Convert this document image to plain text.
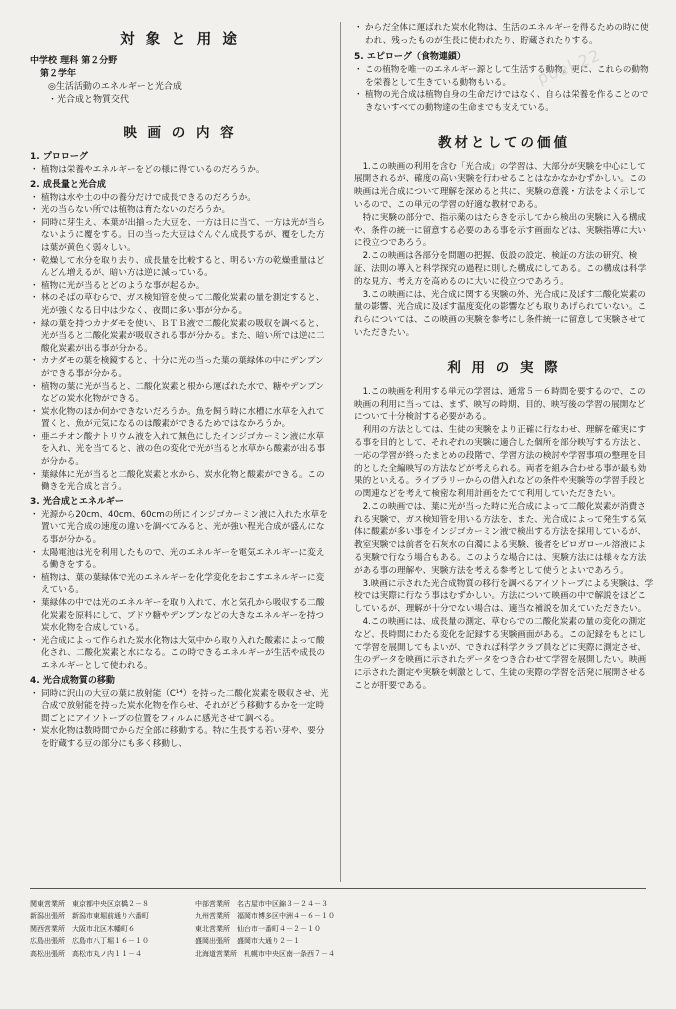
poel 22
対 象 と 用 途
中学校 理科 第２分野
第２学年
◎生活活動のエネルギーと光合成
・光合成と物質交代
映 画 の 内 容
1. プロローグ
・ 植物は栄養やエネルギーをどの様に得ているのだろうか。
2. 成長量と光合成
・ 植物は水や土の中の養分だけで成長できるのだろうか。
・ 光の当らない所では植物は育たないのだろうか。
・ 同時に芽生え、本葉が出揃った大豆を、一方は日に当て、一方は光が当らないように覆をする。日の当った大豆はぐんぐん成長するが、覆をした方は葉が黄色く弱々しい。
・ 乾燥して水分を取り去り、成長量を比較すると、明るい方の乾燥重量はどんどん増えるが、暗い方は逆に減っている。
・ 植物に光が当るとどのような事が起るか。
・ 林のそばの草むらで、ガス検知管を使って二酸化炭素の量を測定すると、光が強くなる日中は少なく、夜間に多い事が分かる。
・ 緑の葉を持つカナダモを使い、ＢＴＢ液で二酸化炭素の吸収を調べると、光が当ると二酸化炭素が吸収される事が分かる。また、暗い所では逆に二酸化炭素が出る事が分かる。
・ カナダモの葉を検鏡すると、十分に光の当った葉の葉緑体の中にデンプンができる事が分かる。
・ 植物の葉に光が当ると、二酸化炭素と根から運ばれた水で、糖やデンプンなどの炭水化物ができる。
・ 炭水化物のほか何かできないだろうか。魚を飼う時に水槽に水草を入れて置くと、魚が元気になるのは酸素ができるためではなかろうか。
・ 亜ニチオン酸ナトリウム液を入れて無色にしたインジゴカーミン液に水草を入れ、光を当てると、液の色の変化で光が当ると水草から酸素が出る事が分かる。
・ 葉緑体に光が当ると二酸化炭素と水から、炭水化物と酸素ができる。この働きを光合成と言う。
3. 光合成とエネルギー
・ 光源から20cm、40cm、60cmの所にインジゴカーミン液に入れた水草を置いて光合成の速度の違いを調べてみると、光が強い程光合成が盛んになる事が分かる。
・ 太陽電池は光を利用したもので、光のエネルギーを電気エネルギーに変える働きをする。
・ 植物は、葉の葉緑体で光のエネルギーを化学変化をおこすエネルギーに変えている。
・ 葉緑体の中では光のエネルギーを取り入れて、水と気孔から吸収する二酸化炭素を原料にして、ブドウ糖やデンプンなどの大きなエネルギーを持つ炭水化物を合成している。
・ 光合成によって作られた炭水化物は大気中から取り入れた酸素によって酸化され、二酸化炭素と水になる。この時できるエネルギーが生活や成長のエネルギーとして使われる。
4. 光合成物質の移動
・ 同時に沢山の大豆の葉に放射能（C¹⁴）を持った二酸化炭素を吸収させ、光合成で放射能を持った炭水化物を作らせ、それがどう移動するかを一定時間ごとにアイソトープの位置をフィルムに感光させて調べる。
・ 炭水化物は数時間でからだ全部に移動する。特に生長する若い芽や、要分を貯蔵する豆の部分にも多く移動し、
・ からだ全体に運ばれた炭水化物は、生活のエネルギーを得るための時に使われ、残ったものが生長に使われたり、貯蔵されたりする。
5. エピローグ（食物連鎖）
・ この植物を唯一のエネルギー源として生活する動物。更に、これらの動物を栄養として生きている動物もいる。
・ 植物の光合成は植物自身の生命だけではなく、自らは栄養を作ることのできないすべての動物達の生命までも支えている。
教材としての価値

1.この映画の利用を含む「光合成」の学習は、大部分が実験を中心にして展開されるが、確度の高い実験を行わせることはなかなかむずかしい。この映画は光合成について理解を深めると共に、実験の意義・方法をよく示しているので、この単元の学習の好適な教材である。

特に実験の部分で、指示薬のはたらきを示してから検出の実験に入る構成や、条件の統一に留意する必要のある事を示す画面などは、実験指導に大いに役立つであろう。

2.この映画は各部分を問題の把握、仮設の設定、検証の方法の研究、検証、法則の導入と科学探究の過程に則した構成にしてある。この構成は科学的な見方、考え方を高めるのに大いに役立つであろう。

3.この映画には、光合成に関する実験の外、光合成に及ぼす二酸化炭素の量の影響、光合成に及ぼす温度変化の影響なども取りあげられていない。これらについては、この映画の実験を参考にし条件統一に留意して実験させていただきたい。

利 用 の 実 際

1.この映画を利用する単元の学習は、通常５－６時間を要するので、この映画の利用に当っては、まず、映写の時期、目的、映写後の学習の展開などについて十分検討する必要がある。

利用の方法としては、生徒の実験をより正確に行なわせ、理解を確実にする事を目的として、それぞれの実験に適合した個所を部分映写する方法と、一応の学習が終ったまとめの段階で、学習方法の検討や学習事項の整理を目的とした全編映写の方法などが考えられる。両者を組み合わせる事が最も効果的といえる。ライブラリーからの借入れなどの条件や実験等の学習手段との関連などを考えて検密な利用計画をたてて利用していただきたい。

2.この映画では、葉に光が当った時に光合成によって二酸化炭素が消費される実験で、ガス検知管を用いる方法を、また、光合成によって発生する気体に酸素が多い事をインジゴカーミン液で検出する方法を採用しているが、教室実験では前者を石灰水の白濁による実験、後者をピロガロール溶液による実験で行なう場合もある。このような場合には、実験方法には様々な方法がある事の理解や、実験方法を考える参考として使うとよいであろう。

3.映画に示された光合成物質の移行を調べるアイソトープによる実験は、学校では実際に行なう事はむずかしい。方法について映画の中で解説をほどこしているが、理解が十分でない場合は、適当な補説を加えていただきたい。

4.この映画には、成長量の測定、草むらでの二酸化炭素の量の変化の測定など、長時間にわたる変化を記録する実験画面がある。この記録をもとにして学習を展開してもよいが、できれば科学クラブ員などに実際に測定させ、生のデータを映画に示されたデータをつき合わせて学習を展開したい。映画に示された測定や実験を刺激として、生徒の実際の学習を活発に展開させることが肝要である。

関東営業所　東京都中央区京橋２－８	中部営業所　名古屋市中区錦３－２４－３
新潟出張所　新潟市東堀前通り六番町	九州営業所　福岡市博多区中洲４－６－１０
関西営業所　大阪市北区木幡町６	東北営業所　仙台市一番町４－２－１０
広島出張所　広島市八丁堀１６－１０	盛岡出張所　盛岡市大通り２－１
高松出張所　高松市丸ノ内１１－４	北海道営業所　札幌市中央区南一条西７－４
